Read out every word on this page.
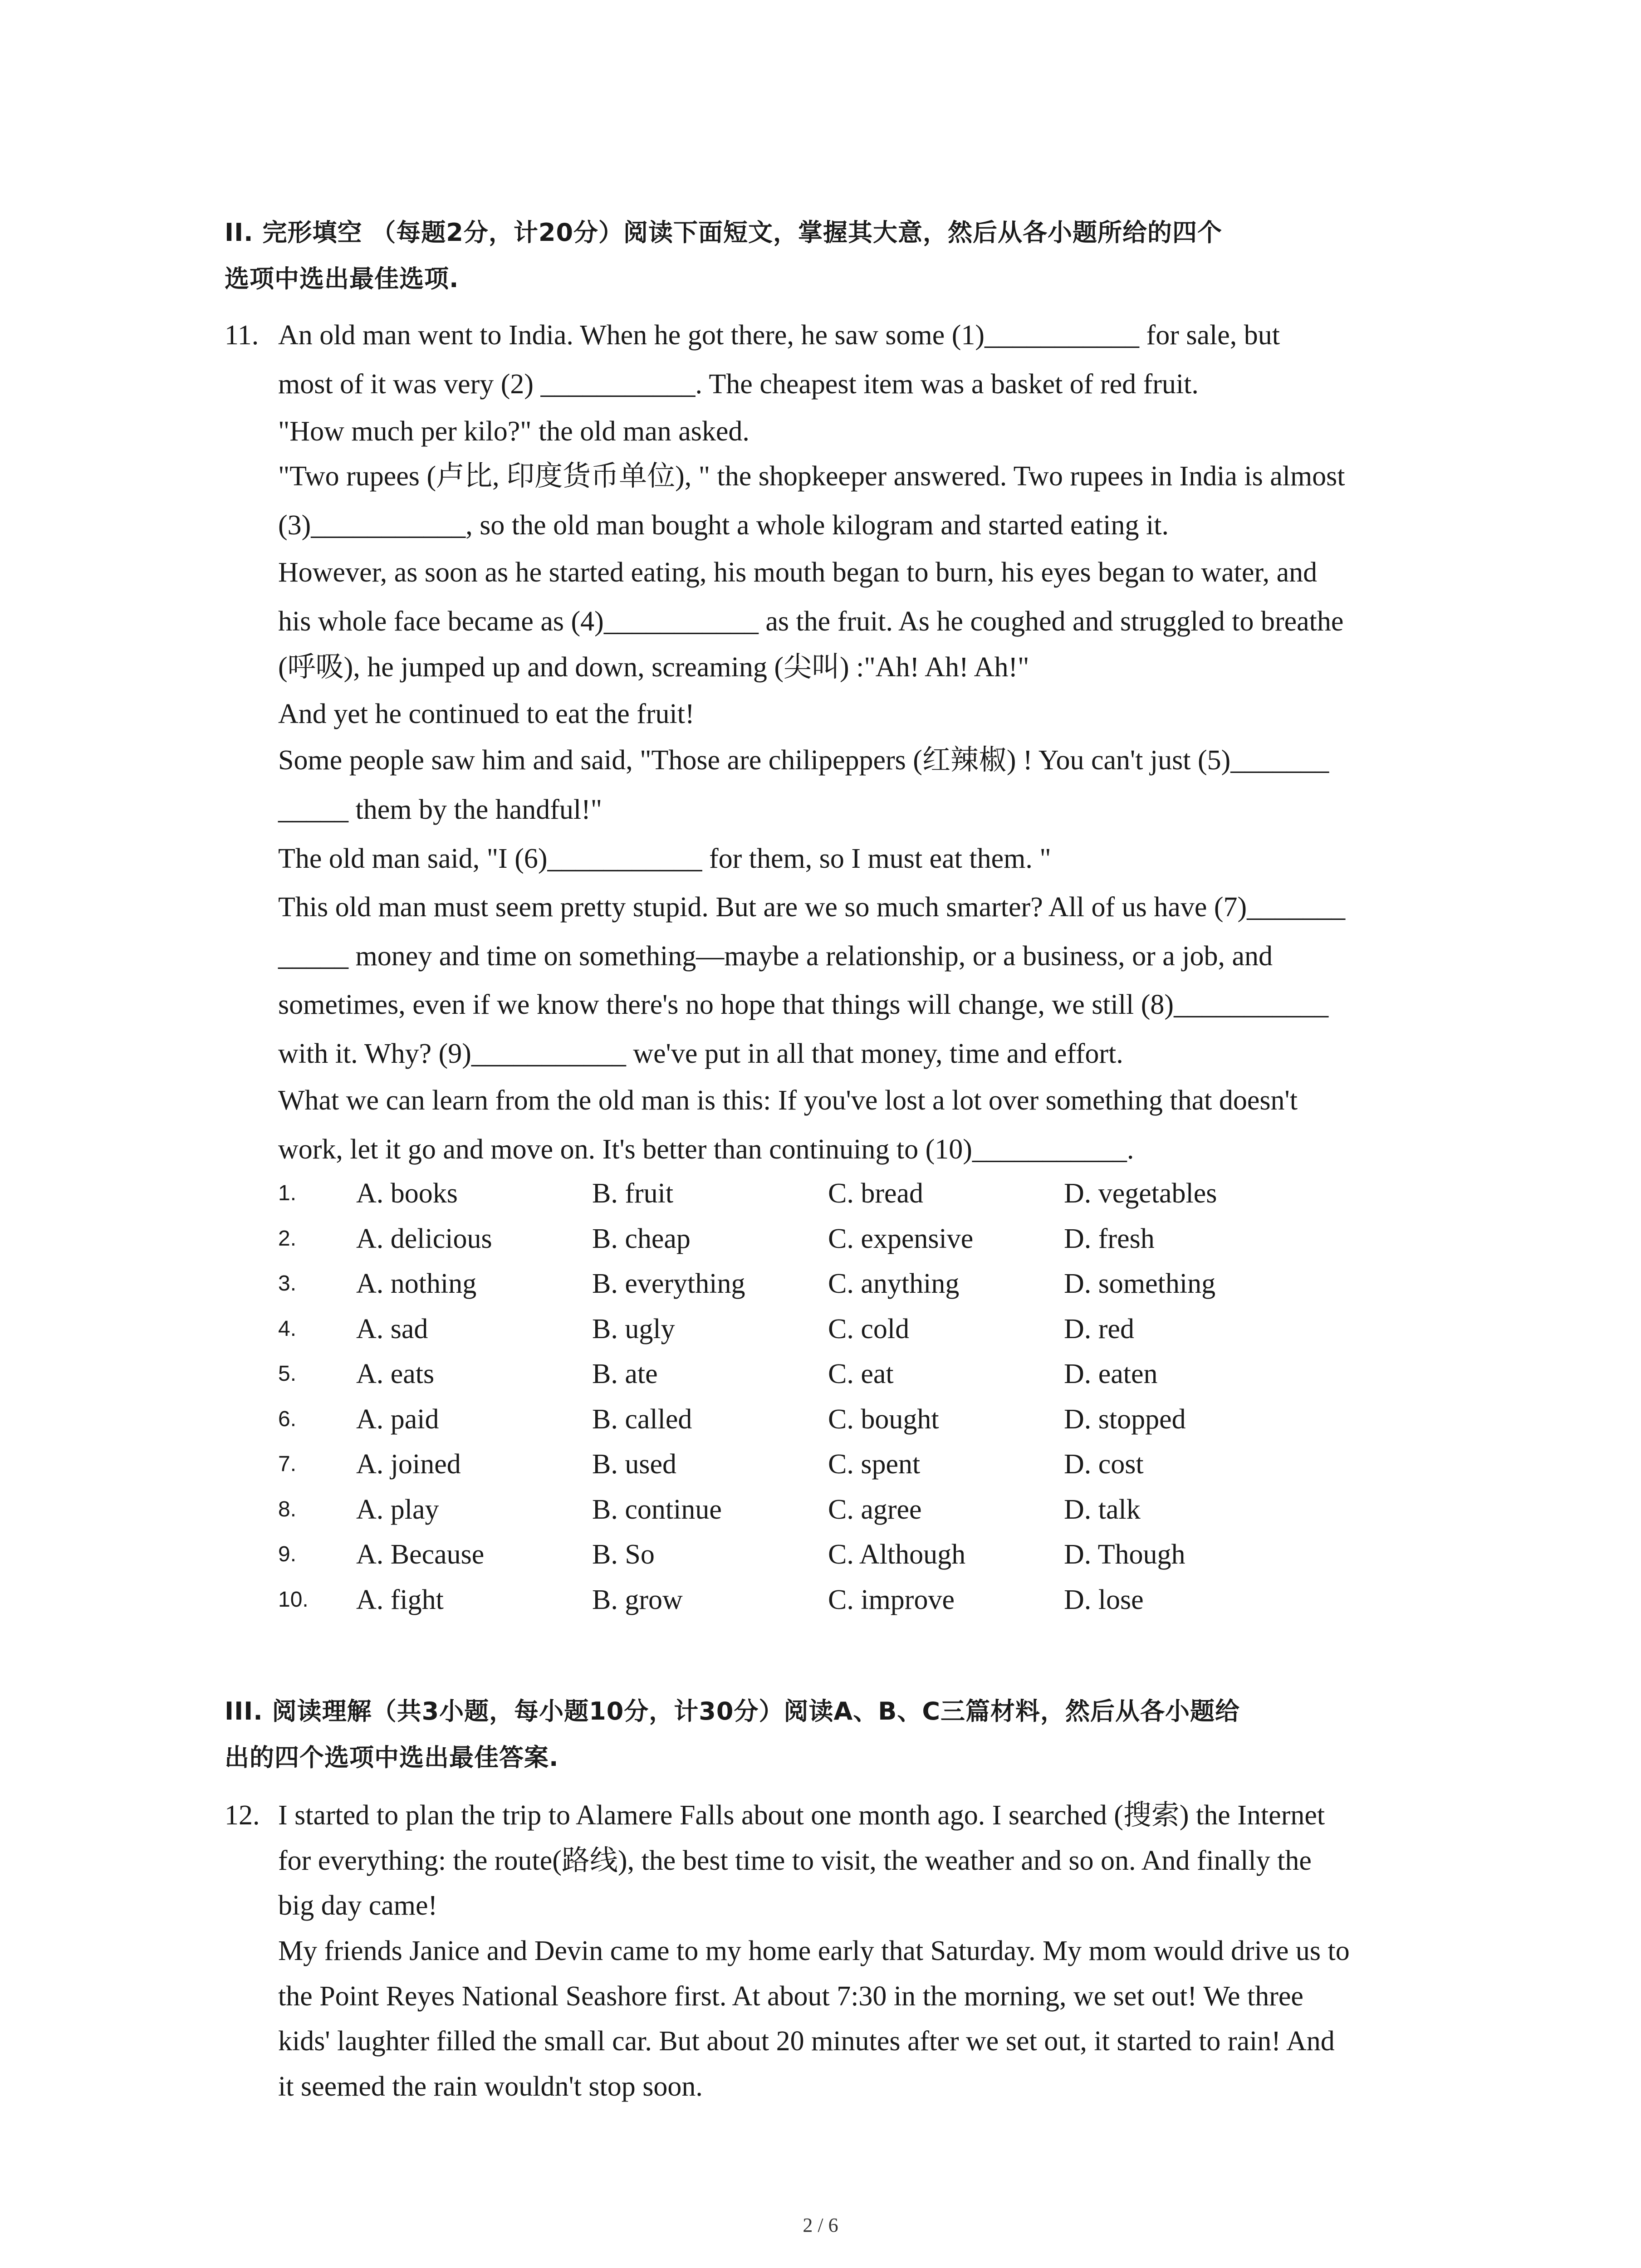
II. 完形填空 （每题2分，计20分）阅读下面短文，掌握其大意，然后从各小题所给的四个
选项中选出最佳选项.
11. An old man went to India. When he got there, he saw some (1)___________ for sale, but
most of it was very (2) ___________. The cheapest item was a basket of red fruit.
"How much per kilo?" the old man asked.
"Two rupees (卢比, 印度货币单位), " the shopkeeper answered. Two rupees in India is almost
(3)___________, so the old man bought a whole kilogram and started eating it.
However, as soon as he started eating, his mouth began to burn, his eyes began to water, and
his whole face became as (4)___________ as the fruit. As he coughed and struggled to breathe
(呼吸), he jumped up and down, screaming (尖叫) :"Ah! Ah! Ah!"
And yet he continued to eat the fruit!
Some people saw him and said, "Those are chilipeppers (红辣椒) ! You can't just (5)_______
_____ them by the handful!"
The old man said, "I (6)___________ for them, so I must eat them. "
This old man must seem pretty stupid. But are we so much smarter? All of us have (7)_______
_____ money and time on something—maybe a relationship, or a business, or a job, and
sometimes, even if we know there's no hope that things will change, we still (8)___________
with it. Why? (9)___________ we've put in all that money, time and effort.
What we can learn from the old man is this: If you've lost a lot over something that doesn't
work, let it go and move on. It's better than continuing to (10)___________.
1. A. books	B. fruit	C. bread	D. vegetables
2. A. delicious	B. cheap	C. expensive	D. fresh
3. A. nothing	B. everything	C. anything	D. something
4. A. sad	B. ugly	C. cold	D. red
5. A. eats	B. ate	C. eat	D. eaten
6. A. paid	B. called	C. bought	D. stopped
7. A. joined	B. used	C. spent	D. cost
8. A. play	B. continue	C. agree	D. talk
9. A. Because	B. So	C. Although	D. Though
10. A. fight	B. grow	C. improve	D. lose
III. 阅读理解（共3小题，每小题10分，计30分）阅读A、B、C三篇材料，然后从各小题给
出的四个选项中选出最佳答案.
12. I started to plan the trip to Alamere Falls about one month ago. I searched (搜索) the Internet
for everything: the route(路线), the best time to visit, the weather and so on. And finally the
big day came!
My friends Janice and Devin came to my home early that Saturday. My mom would drive us to
the Point Reyes National Seashore first. At about 7:30 in the morning, we set out! We three
kids' laughter filled the small car. But about 20 minutes after we set out, it started to rain! And
it seemed the rain wouldn't stop soon.
2 / 6
